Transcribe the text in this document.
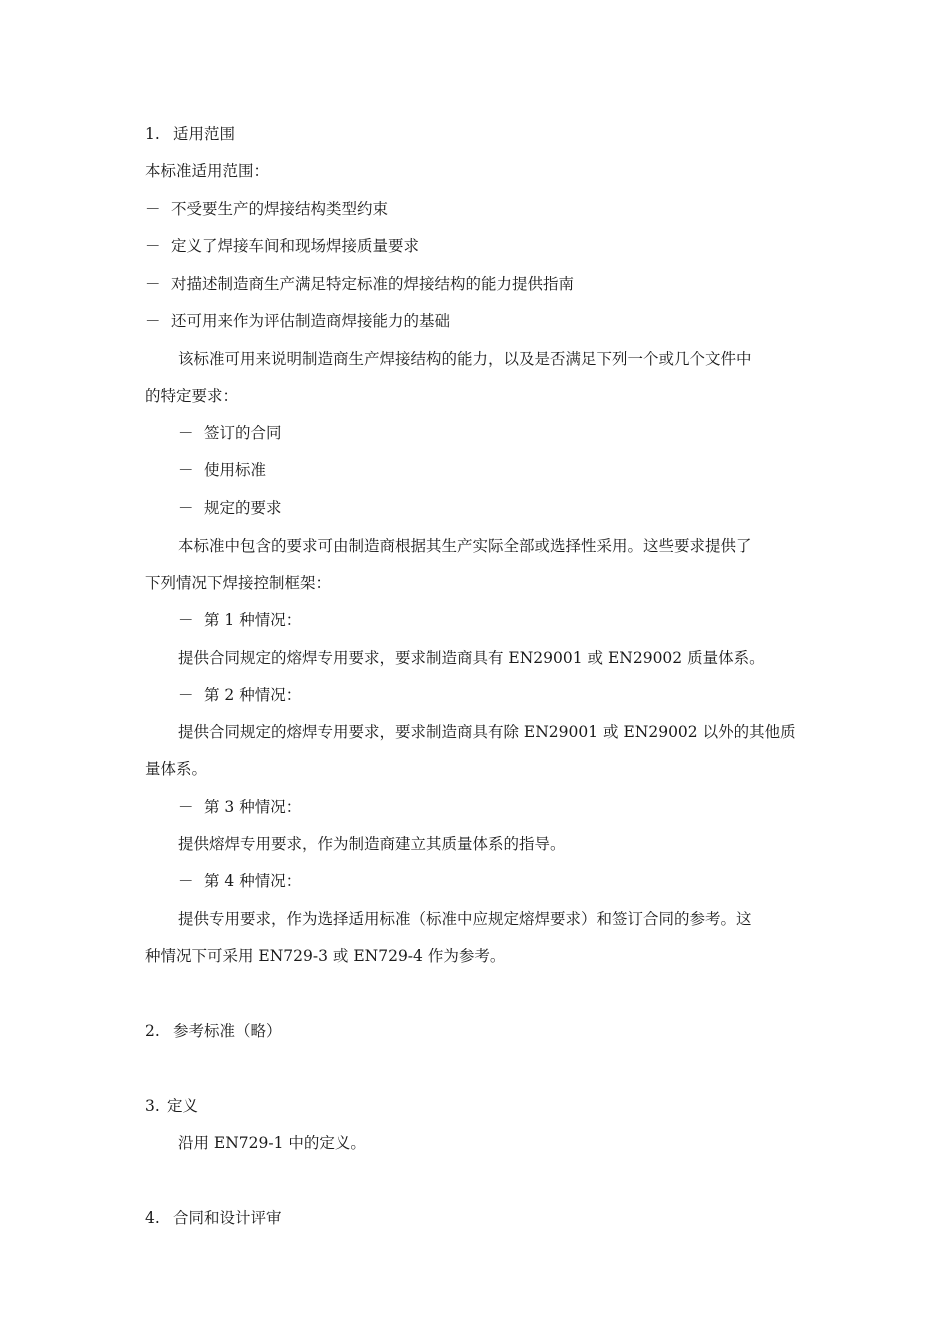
1. 适用范围
本标准适用范围：
－ 不受要生产的焊接结构类型约束
－ 定义了焊接车间和现场焊接质量要求
－ 对描述制造商生产满足特定标准的焊接结构的能力提供指南
－ 还可用来作为评估制造商焊接能力的基础
该标准可用来说明制造商生产焊接结构的能力，以及是否满足下列一个或几个文件中
的特定要求：
－ 签订的合同
－ 使用标准
－ 规定的要求
本标准中包含的要求可由制造商根据其生产实际全部或选择性采用。这些要求提供了
下列情况下焊接控制框架：
－ 第 1 种情况：
提供合同规定的熔焊专用要求，要求制造商具有 EN29001 或 EN29002 质量体系。
－ 第 2 种情况：
提供合同规定的熔焊专用要求，要求制造商具有除 EN29001 或 EN29002 以外的其他质
量体系。
－ 第 3 种情况：
提供熔焊专用要求，作为制造商建立其质量体系的指导。
－ 第 4 种情况：
提供专用要求，作为选择适用标准（标准中应规定熔焊要求）和签订合同的参考。这
种情况下可采用 EN729-3 或 EN729-4 作为参考。
2. 参考标准（略）
3. 定义
沿用 EN729-1 中的定义。
4. 合同和设计评审
